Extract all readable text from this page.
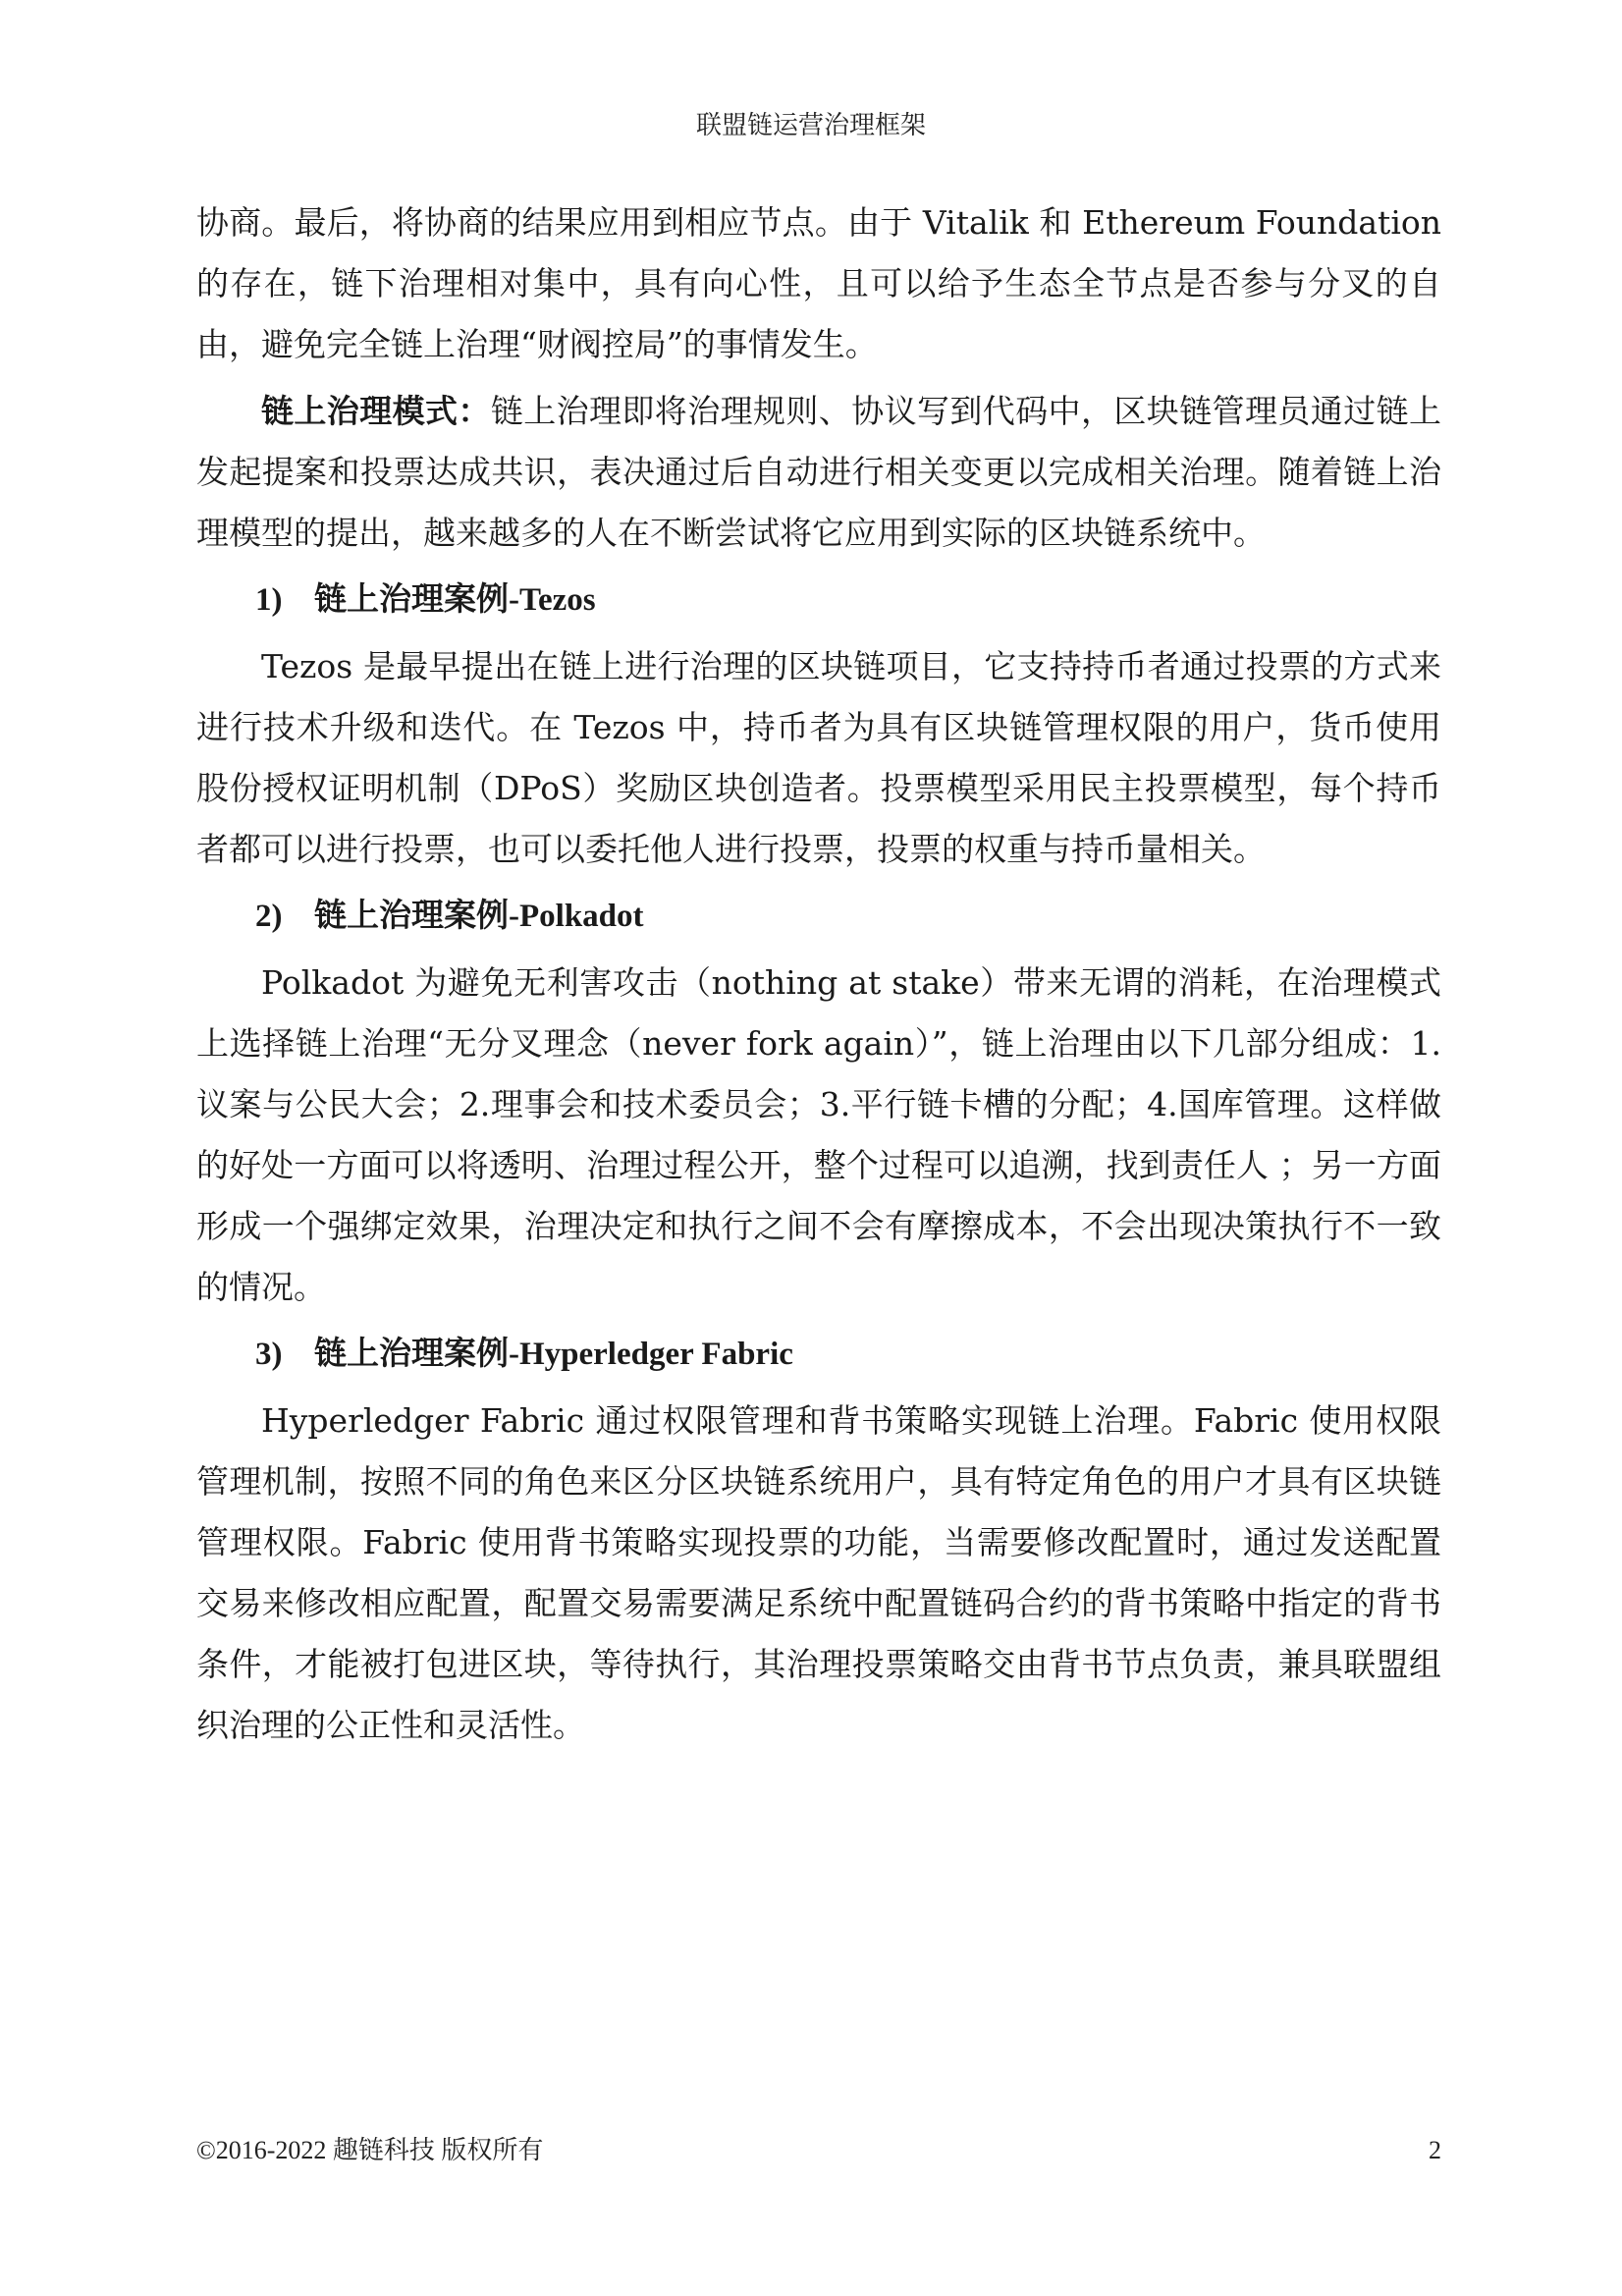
联盟链运营治理框架

协商。最后，将协商的结果应用到相应节点。由于 Vitalik 和 Ethereum Foundation 的存在，链下治理相对集中，具有向心性，且可以给予生态全节点是否参与分叉的自由，避免完全链上治理“财阀控局”的事情发生。

链上治理模式：链上治理即将治理规则、协议写到代码中，区块链管理员通过链上发起提案和投票达成共识，表决通过后自动进行相关变更以完成相关治理。随着链上治理模型的提出，越来越多的人在不断尝试将它应用到实际的区块链系统中。

1) 链上治理案例-Tezos

Tezos 是最早提出在链上进行治理的区块链项目，它支持持币者通过投票的方式来进行技术升级和迭代。在 Tezos 中，持币者为具有区块链管理权限的用户，货币使用股份授权证明机制（DPoS）奖励区块创造者。投票模型采用民主投票模型，每个持币者都可以进行投票，也可以委托他人进行投票，投票的权重与持币量相关。

2) 链上治理案例-Polkadot

Polkadot 为避免无利害攻击（nothing at stake）带来无谓的消耗，在治理模式上选择链上治理“无分叉理念（never fork again）”，链上治理由以下几部分组成：1.议案与公民大会；2.理事会和技术委员会；3.平行链卡槽的分配；4.国库管理。这样做的好处一方面可以将透明、治理过程公开，整个过程可以追溯，找到责任人 ；另一方面形成一个强绑定效果，治理决定和执行之间不会有摩擦成本，不会出现决策执行不一致的情况。

3) 链上治理案例-Hyperledger Fabric

Hyperledger Fabric 通过权限管理和背书策略实现链上治理。Fabric 使用权限管理机制，按照不同的角色来区分区块链系统用户，具有特定角色的用户才具有区块链管理权限。Fabric 使用背书策略实现投票的功能，当需要修改配置时，通过发送配置交易来修改相应配置，配置交易需要满足系统中配置链码合约的背书策略中指定的背书条件，才能被打包进区块，等待执行，其治理投票策略交由背书节点负责，兼具联盟组织治理的公正性和灵活性。

©2016-2022 趣链科技 版权所有	2
